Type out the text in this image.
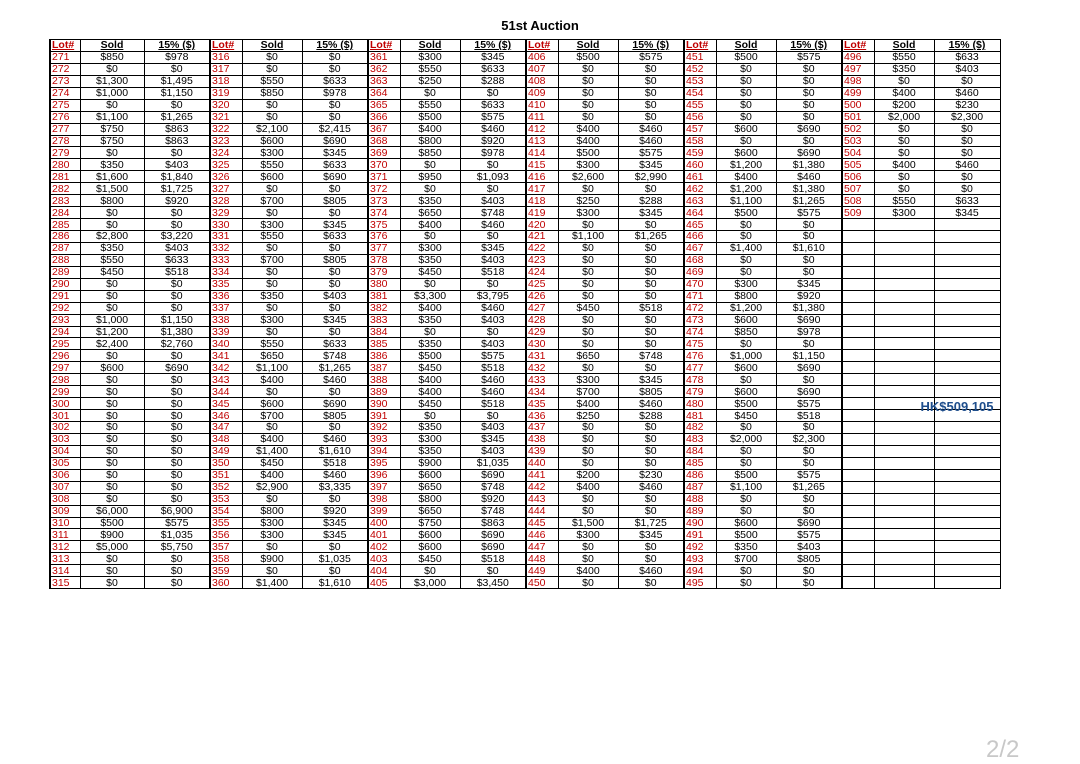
51st Auction
Lot#	Sold	15% ($)	Lot#	Sold	15% ($)	Lot#	Sold	15% ($)	Lot#	Sold	15% ($)	Lot#	Sold	15% ($)	Lot#	Sold	15% ($)
271	$850	$978	316	$0	$0	361	$300	$345	406	$500	$575	451	$500	$575	496	$550	$633
272	$0	$0	317	$0	$0	362	$550	$633	407	$0	$0	452	$0	$0	497	$350	$403
273	$1,300	$1,495	318	$550	$633	363	$250	$288	408	$0	$0	453	$0	$0	498	$0	$0
274	$1,000	$1,150	319	$850	$978	364	$0	$0	409	$0	$0	454	$0	$0	499	$400	$460
275	$0	$0	320	$0	$0	365	$550	$633	410	$0	$0	455	$0	$0	500	$200	$230
276	$1,100	$1,265	321	$0	$0	366	$500	$575	411	$0	$0	456	$0	$0	501	$2,000	$2,300
277	$750	$863	322	$2,100	$2,415	367	$400	$460	412	$400	$460	457	$600	$690	502	$0	$0
278	$750	$863	323	$600	$690	368	$800	$920	413	$400	$460	458	$0	$0	503	$0	$0
279	$0	$0	324	$300	$345	369	$850	$978	414	$500	$575	459	$600	$690	504	$0	$0
280	$350	$403	325	$550	$633	370	$0	$0	415	$300	$345	460	$1,200	$1,380	505	$400	$460
281	$1,600	$1,840	326	$600	$690	371	$950	$1,093	416	$2,600	$2,990	461	$400	$460	506	$0	$0
282	$1,500	$1,725	327	$0	$0	372	$0	$0	417	$0	$0	462	$1,200	$1,380	507	$0	$0
283	$800	$920	328	$700	$805	373	$350	$403	418	$250	$288	463	$1,100	$1,265	508	$550	$633
284	$0	$0	329	$0	$0	374	$650	$748	419	$300	$345	464	$500	$575	509	$300	$345
285	$0	$0	330	$300	$345	375	$400	$460	420	$0	$0	465	$0	$0			
286	$2,800	$3,220	331	$550	$633	376	$0	$0	421	$1,100	$1,265	466	$0	$0			
287	$350	$403	332	$0	$0	377	$300	$345	422	$0	$0	467	$1,400	$1,610			
288	$550	$633	333	$700	$805	378	$350	$403	423	$0	$0	468	$0	$0			
289	$450	$518	334	$0	$0	379	$450	$518	424	$0	$0	469	$0	$0			
290	$0	$0	335	$0	$0	380	$0	$0	425	$0	$0	470	$300	$345			
291	$0	$0	336	$350	$403	381	$3,300	$3,795	426	$0	$0	471	$800	$920			
292	$0	$0	337	$0	$0	382	$400	$460	427	$450	$518	472	$1,200	$1,380			
293	$1,000	$1,150	338	$300	$345	383	$350	$403	428	$0	$0	473	$600	$690			
294	$1,200	$1,380	339	$0	$0	384	$0	$0	429	$0	$0	474	$850	$978			
295	$2,400	$2,760	340	$550	$633	385	$350	$403	430	$0	$0	475	$0	$0			
296	$0	$0	341	$650	$748	386	$500	$575	431	$650	$748	476	$1,000	$1,150			
297	$600	$690	342	$1,100	$1,265	387	$450	$518	432	$0	$0	477	$600	$690			
298	$0	$0	343	$400	$460	388	$400	$460	433	$300	$345	478	$0	$0			
299	$0	$0	344	$0	$0	389	$400	$460	434	$700	$805	479	$600	$690			
300	$0	$0	345	$600	$690	390	$450	$518	435	$400	$460	480	$500	$575			
301	$0	$0	346	$700	$805	391	$0	$0	436	$250	$288	481	$450	$518			
302	$0	$0	347	$0	$0	392	$350	$403	437	$0	$0	482	$0	$0			
303	$0	$0	348	$400	$460	393	$300	$345	438	$0	$0	483	$2,000	$2,300			
304	$0	$0	349	$1,400	$1,610	394	$350	$403	439	$0	$0	484	$0	$0			
305	$0	$0	350	$450	$518	395	$900	$1,035	440	$0	$0	485	$0	$0			
306	$0	$0	351	$400	$460	396	$600	$690	441	$200	$230	486	$500	$575			
307	$0	$0	352	$2,900	$3,335	397	$650	$748	442	$400	$460	487	$1,100	$1,265			
308	$0	$0	353	$0	$0	398	$800	$920	443	$0	$0	488	$0	$0			
309	$6,000	$6,900	354	$800	$920	399	$650	$748	444	$0	$0	489	$0	$0			
310	$500	$575	355	$300	$345	400	$750	$863	445	$1,500	$1,725	490	$600	$690			
311	$900	$1,035	356	$300	$345	401	$600	$690	446	$300	$345	491	$500	$575			
312	$5,000	$5,750	357	$0	$0	402	$600	$690	447	$0	$0	492	$350	$403			
313	$0	$0	358	$900	$1,035	403	$450	$518	448	$0	$0	493	$700	$805			
314	$0	$0	359	$0	$0	404	$0	$0	449	$400	$460	494	$0	$0			
315	$0	$0	360	$1,400	$1,610	405	$3,000	$3,450	450	$0	$0	495	$0	$0			
HK$509,105
2/2
